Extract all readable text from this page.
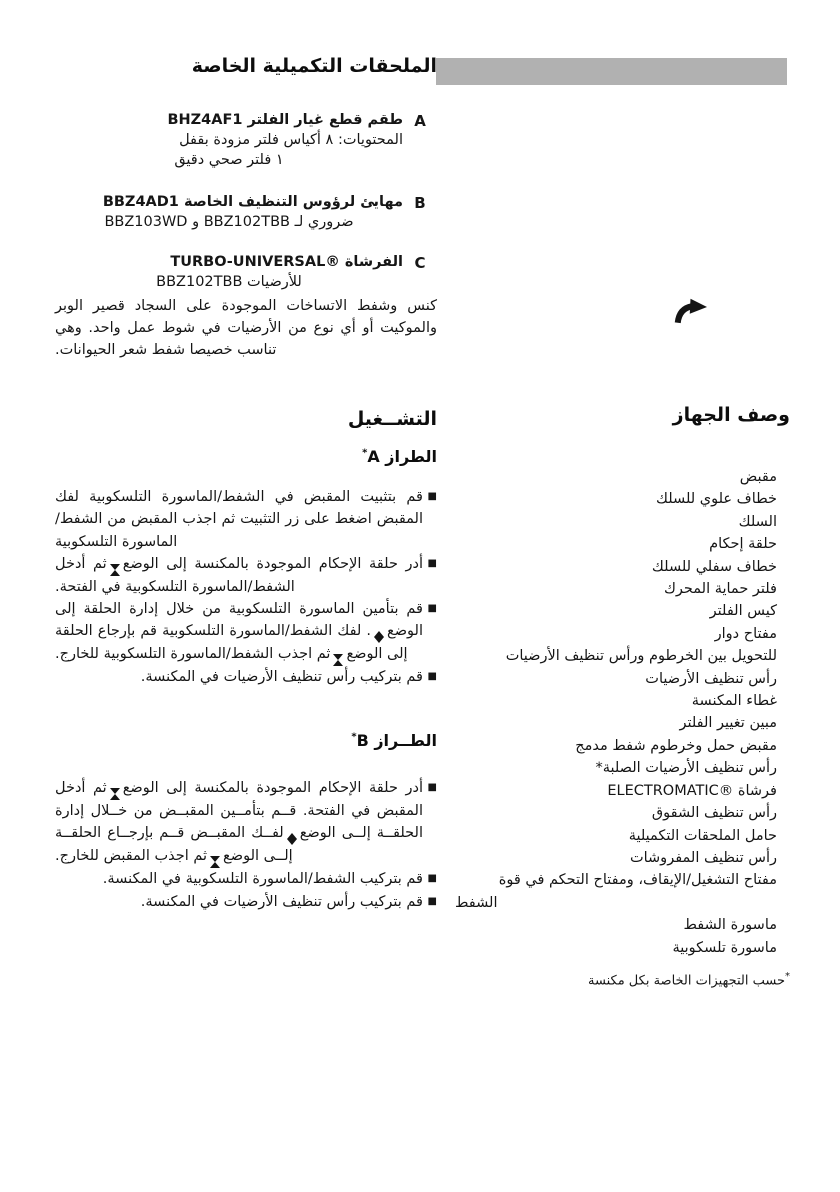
الملحقات التكميلية الخاصة
A
طقم قطع غيار الفلتر BHZ4AF1
المحتويات: ٨ أكياس فلتر مزودة بقفل
١ فلتر صحي دقيق
B
مهايئ لرؤوس التنظيف الخاصة BBZ4AD1
ضروري لـ BBZ102TBB و BBZ103WD
C
الفرشاة ®TURBO-UNIVERSAL
للأرضيات BBZ102TBB
كنس وشفط الاتساخات الموجودة على السجاد قصير الوبر والموكيت أو أي نوع من الأرضيات في شوط عمل واحد. وهي تناسب خصيصا شفط شعر الحيوانات.
التشــغيل
الطراز A*
■
قم بتثبيت المقبض في الشفط/الماسورة التلسكوبية لفك المقبض اضغط على زر التثبيت ثم اجذب المقبض من الشفط/الماسورة التلسكوبية
■
أدر حلقة الإحكام الموجودة بالمكنسة إلى الوضع
ثم أدخل الشفط/الماسورة التلسكوبية في الفتحة.
■
قم بتأمين الماسورة التلسكوبية من خلال إدارة الحلقة إلى الوضع
. لفك الشفط/الماسورة التلسكوبية قم بإرجاع الحلقة إلى الوضع
ثم اجذب الشفط/الماسورة التلسكوبية للخارج.
■
قم بتركيب رأس تنظيف الأرضيات في المكنسة.
الطــراز B*
■
أدر حلقة الإحكام الموجودة بالمكنسة إلى الوضع
ثم أدخل المقبض في الفتحة. قــم بتأمــين المقبــض من خــلال إدارة الحلقــة إلــى الوضع
لفــك المقبــض قــم بإرجــاع الحلقــة إلــى الوضع
ثم اجذب المقبض للخارج.
■
قم بتركيب الشفط/الماسورة التلسكوبية في المكنسة.
■
قم بتركيب رأس تنظيف الأرضيات في المكنسة.
وصف الجهاز
مقبض
خطاف علوي للسلك
السلك
حلقة إحكام
خطاف سفلي للسلك
فلتر حماية المحرك
كيس الفلتر
مفتاح دوار
للتحويل بين الخرطوم ورأس تنظيف الأرضيات
رأس تنظيف الأرضيات
غطاء المكنسة
مبين تغيير الفلتر
مقبض حمل وخرطوم شفط مدمج
رأس تنظيف الأرضيات الصلبة*
فرشاة ®ELECTROMATIC
رأس تنظيف الشقوق
حامل الملحقات التكميلية
رأس تنظيف المفروشات
مفتاح التشغيل/الإيقاف، ومفتاح التحكم في قوة
الشفط
ماسورة الشفط
ماسورة تلسكوبية
*حسب التجهيزات الخاصة بكل مكنسة
